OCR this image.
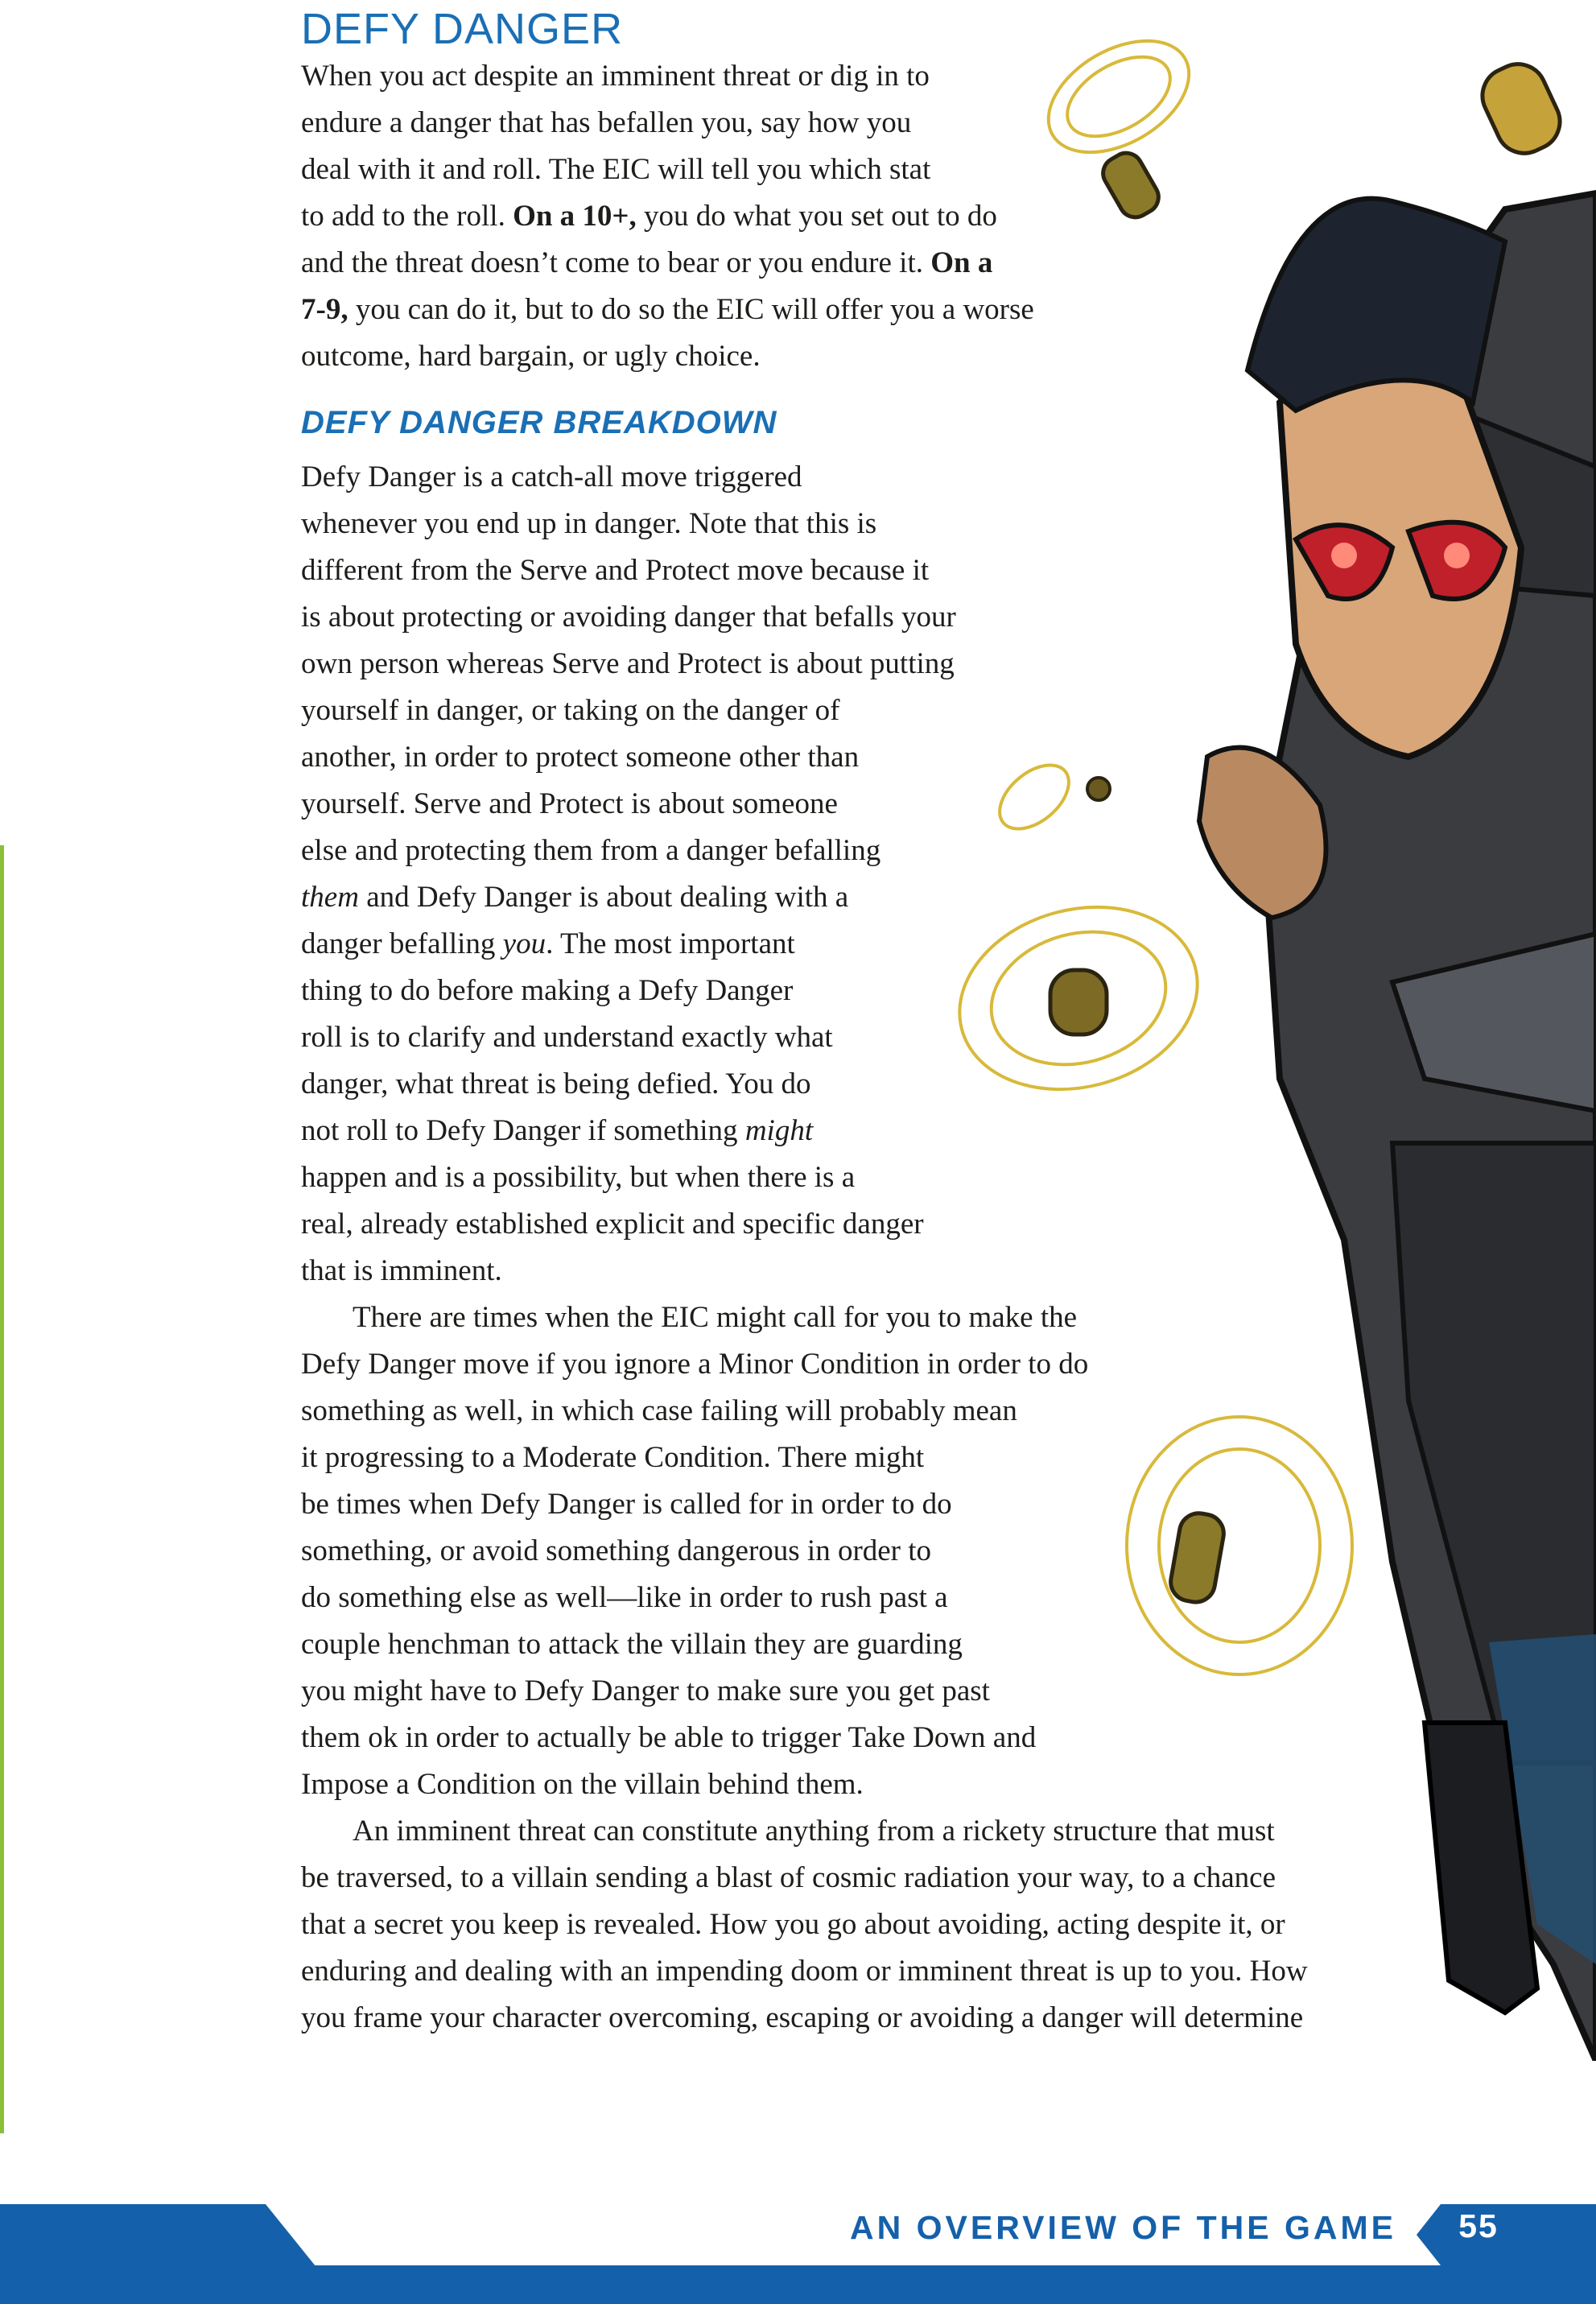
DEFY DANGER
When you act despite an imminent threat or dig in to
endure a danger that has befallen you, say how you
deal with it and roll. The EIC will tell you which stat
to add to the roll. On a 10+, you do what you set out to do
and the threat doesn’t come to bear or you endure it. On a
7-9, you can do it, but to do so the EIC will offer you a worse
outcome, hard bargain, or ugly choice.
DEFY DANGER BREAKDOWN
Defy Danger is a catch-all move triggered
whenever you end up in danger. Note that this is
different from the Serve and Protect move because it
is about protecting or avoiding danger that befalls your
own person whereas Serve and Protect is about putting
yourself in danger, or taking on the danger of
another, in order to protect someone other than
yourself. Serve and Protect is about someone
else and protecting them from a danger befalling
them and Defy Danger is about dealing with a
danger befalling you. The most important
thing to do before making a Defy Danger
roll is to clarify and understand exactly what
danger, what threat is being defied. You do
not roll to Defy Danger if something might
happen and is a possibility, but when there is a
real, already established explicit and specific danger
that is imminent.
There are times when the EIC might call for you to make the
Defy Danger move if you ignore a Minor Condition in order to do
something as well, in which case failing will probably mean
it progressing to a Moderate Condition. There might
be times when Defy Danger is called for in order to do
something, or avoid something dangerous in order to
do something else as well—like in order to rush past a
couple henchman to attack the villain they are guarding
you might have to Defy Danger to make sure you get past
them ok in order to actually be able to trigger Take Down and
Impose a Condition on the villain behind them.
An imminent threat can constitute anything from a rickety structure that must
be traversed, to a villain sending a blast of cosmic radiation your way, to a chance
that a secret you keep is revealed. How you go about avoiding, acting despite it, or
enduring and dealing with an impending doom or imminent threat is up to you. How
you frame your character overcoming, escaping or avoiding a danger will determine
AN OVERVIEW OF THE GAME	55
